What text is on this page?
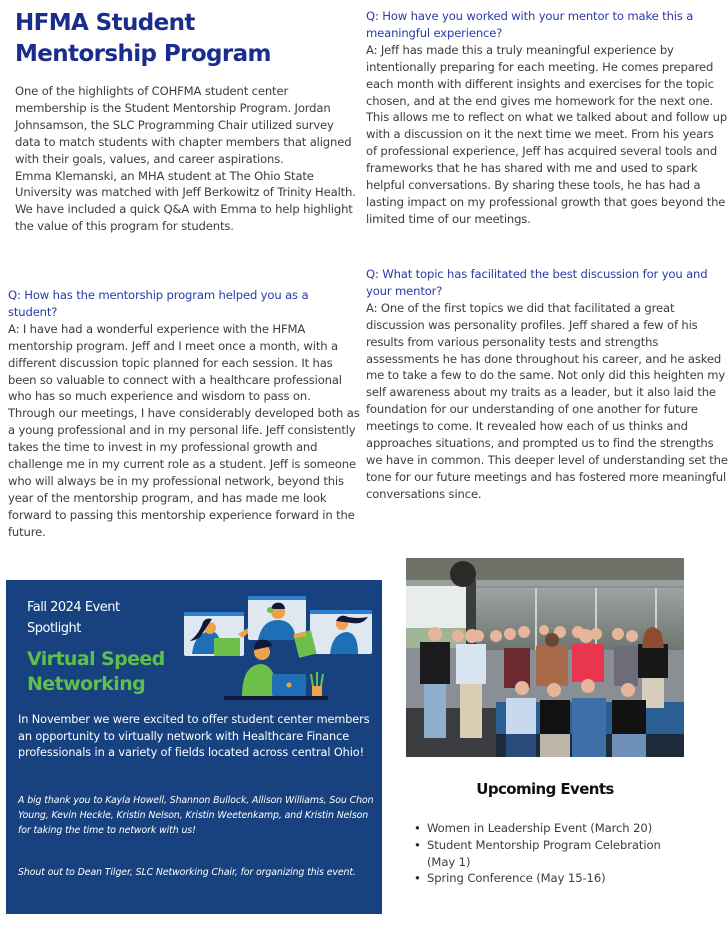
HFMA Student
Mentorship Program
One of the highlights of COHFMA student center membership is the Student Mentorship Program. Jordan Johnsamson, the SLC Programming Chair utilized survey data to match students with chapter members that aligned with their goals, values, and career aspirations.
Emma Klemanski, an MHA student at The Ohio State University was matched with Jeff Berkowitz of Trinity Health. We have included a quick Q&A with Emma to help highlight the value of this program for students.
Q: How has the mentorship program helped you as a student?
A: I have had a wonderful experience with the HFMA mentorship program. Jeff and I meet once a month, with a different discussion topic planned for each session. It has been so valuable to connect with a healthcare professional who has so much experience and wisdom to pass on. Through our meetings, I have considerably developed both as a young professional and in my personal life. Jeff consistently takes the time to invest in my professional growth and challenge me in my current role as a student. Jeff is someone who will always be in my professional network, beyond this year of the mentorship program, and has made me look forward to passing this mentorship experience forward in the future.
Q: How have you worked with your mentor to make this a meaningful experience?
A: Jeff has made this a truly meaningful experience by intentionally preparing for each meeting. He comes prepared each month with different insights and exercises for the topic chosen, and at the end gives me homework for the next one. This allows me to reflect on what we talked about and follow up with a discussion on it the next time we meet. From his years of professional experience, Jeff has acquired several tools and frameworks that he has shared with me and used to spark helpful conversations. By sharing these tools, he has had a lasting impact on my professional growth that goes beyond the limited time of our meetings.
Q: What topic has facilitated the best discussion for you and your mentor?
A: One of the first topics we did that facilitated a great discussion was personality profiles. Jeff shared a few of his results from various personality tests and strengths assessments he has done throughout his career, and he asked me to take a few to do the same. Not only did this heighten my self awareness about my traits as a leader, but it also laid the foundation for our understanding of one another for future meetings to come. It revealed how each of us thinks and approaches situations, and prompted us to find the strengths we have in common. This deeper level of understanding set the tone for our future meetings and has fostered more meaningful conversations since.
Fall 2024 Event
Spotlight
Virtual Speed
Networking
In November we were excited to offer student center members an opportunity to virtually network with Healthcare Finance professionals in a variety of fields located across central Ohio!
A big thank you to Kayla Howell, Shannon Bullock, Allison Williams, Sou Chon Young, Kevin Heckle, Kristin Nelson, Kristin Weetenkamp, and Kristin Nelson for taking the time to network with us!
Shout out to Dean Tilger, SLC Networking Chair, for organizing this event.
Upcoming Events
• Women in Leadership Event (March 20)
• Student Mentorship Program Celebration (May 1)
• Spring Conference (May 15-16)
